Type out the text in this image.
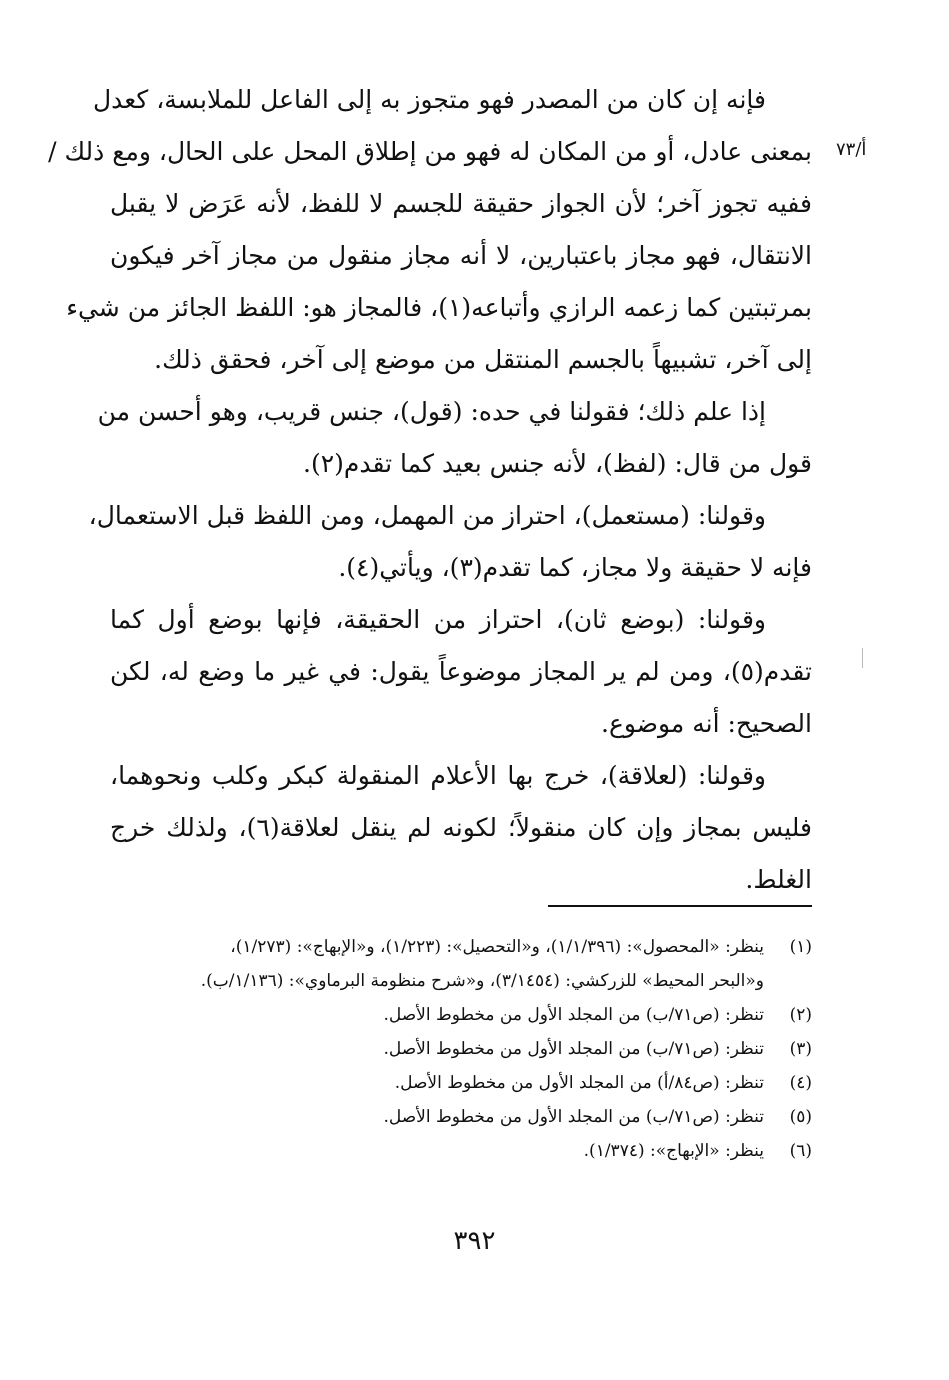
أ/٧٣
فإنه إن كان من المصدر فهو متجوز به إلى الفاعل للملابسة، كعدل
بمعنى عادل، أو من المكان له فهو من إطلاق المحل على الحال، ومع ذلك /
ففيه تجوز آخر؛ لأن الجواز حقيقة للجسم لا للفظ، لأنه عَرَض لا يقبل
الانتقال، فهو مجاز باعتبارين، لا أنه مجاز منقول من مجاز آخر فيكون
بمرتبتين كما زعمه الرازي وأتباعه(١)، فالمجاز هو: اللفظ الجائز من شيء
إلى آخر، تشبيهاً بالجسم المنتقل من موضع إلى آخر، فحقق ذلك.
إذا علم ذلك؛ فقولنا في حده: (قول)، جنس قريب، وهو أحسن من
قول من قال: (لفظ)، لأنه جنس بعيد كما تقدم(٢).
وقولنا: (مستعمل)، احتراز من المهمل، ومن اللفظ قبل الاستعمال،
فإنه لا حقيقة ولا مجاز، كما تقدم(٣)، ويأتي(٤).
وقولنا: (بوضع ثان)، احتراز من الحقيقة، فإنها بوضع أول كما
تقدم(٥)، ومن لم ير المجاز موضوعاً يقول: في غير ما وضع له، لكن
الصحيح: أنه موضوع.
وقولنا: (لعلاقة)، خرج بها الأعلام المنقولة كبكر وكلب ونحوهما،
فليس بمجاز وإن كان منقولاً؛ لكونه لم ينقل لعلاقة(٦)، ولذلك خرج
الغلط.
(١)
ينظر: «المحصول»: (١/١/٣٩٦)، و«التحصيل»: (١/٢٢٣)، و«الإبهاج»: (١/٢٧٣)،
و«البحر المحيط» للزركشي: (٣/١٤٥٤)، و«شرح منظومة البرماوي»: (١/١٣٦/ب).
(٢)
تنظر: (ص٧١/ب) من المجلد الأول من مخطوط الأصل.
(٣)
تنظر: (ص٧١/ب) من المجلد الأول من مخطوط الأصل.
(٤)
تنظر: (ص٨٤/أ) من المجلد الأول من مخطوط الأصل.
(٥)
تنظر: (ص٧١/ب) من المجلد الأول من مخطوط الأصل.
(٦)
ينظر: «الإبهاج»: (١/٣٧٤).
٣٩٢
